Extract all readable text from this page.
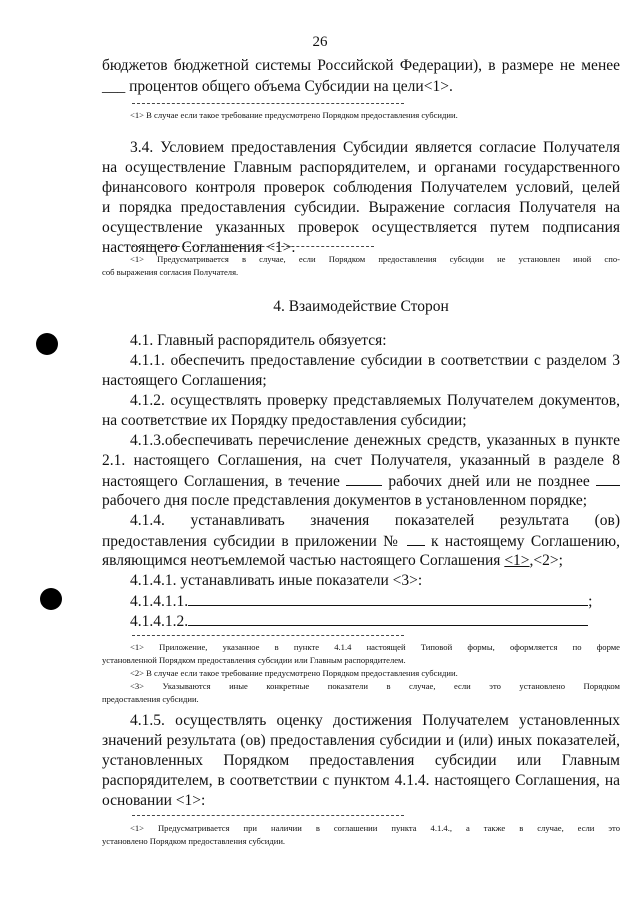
26

бюджетов бюджетной системы Российской Федерации), в размере не менее

___ процентов общего объема Субсидии на цели<1>.

<1> В случае если такое требование предусмотрено Порядком предоставления субсидии.

3.4. Условием предоставления Субсидии является согласие Получателя

на осуществление Главным распорядителем, и органами государственного

финансового контроля проверок соблюдения Получателем условий, целей

и порядка предоставления субсидии. Выражение согласия Получателя на

осуществление указанных проверок осуществляется путем подписания

настоящего Соглашения <1>.

<1> Предусматривается в случае, если Порядком предоставления субсидии не установлен иной спо-
соб выражения согласия Получателя.

4. Взаимодействие Сторон

4.1. Главный распорядитель обязуется:

4.1.1. обеспечить предоставление субсидии в соответствии с разделом 3

настоящего Соглашения;

4.1.2. осуществлять проверку представляемых Получателем документов,

на соответствие их Порядку предоставления субсидии;

4.1.3.обеспечивать перечисление денежных средств, указанных в пункте

2.1. настоящего Соглашения, на счет Получателя, указанный в разделе 8

настоящего Соглашения, в течение  рабочих дней или не позднее

рабочего дня после представления документов в установленном порядке;

4.1.4. устанавливать значения показателей результата (ов)

предоставления субсидии в приложении №  к настоящему Соглашению,

являющимся неотъемлемой частью настоящего Соглашения <1>,<2>;

4.1.4.1. устанавливать иные показатели <3>:

4.1.4.1.1.	;

4.1.4.1.2.

<1> Приложение, указанное в пункте 4.1.4 настоящей Типовой формы, оформляется по форме
установленной Порядком предоставления субсидии или Главным распорядителем.
<2> В случае если такое требование предусмотрено Порядком предоставления субсидии.
<3> Указываются иные конкретные показатели в случае, если это установлено Порядком
предоставления субсидии.

4.1.5. осуществлять оценку достижения Получателем установленных

значений результата (ов) предоставления субсидии и (или) иных показателей,

установленных Порядком предоставления субсидии или Главным

распорядителем, в соответствии с пунктом 4.1.4. настоящего Соглашения, на

основании <1>:

<1> Предусматривается при наличии в соглашении пункта 4.1.4., а также в случае, если это
установлено Порядком предоставления субсидии.
